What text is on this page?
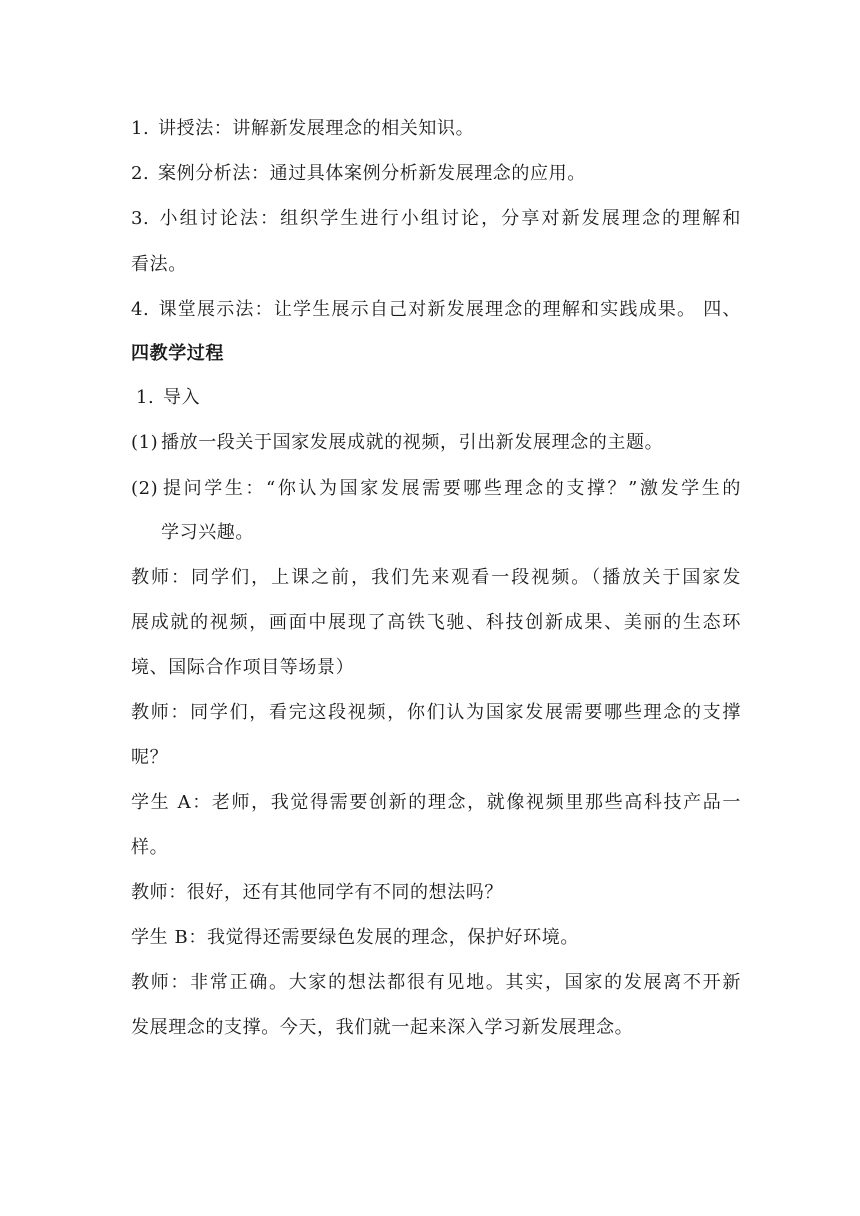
1. 讲授法：讲解新发展理念的相关知识。
2. 案例分析法：通过具体案例分析新发展理念的应用。
3. 小组讨论法：组织学生进行小组讨论，分享对新发展理念的理解和
看法。
4. 课堂展示法：让学生展示自己对新发展理念的理解和实践成果。 四、
四教学过程
1. 导入
(1) 播放一段关于国家发展成就的视频，引出新发展理念的主题。
(2) 提问学生：“你认为国家发展需要哪些理念的支撑？”激发学生的
学习兴趣。
教师：同学们，上课之前，我们先来观看一段视频。（播放关于国家发
展成就的视频，画面中展现了高铁飞驰、科技创新成果、美丽的生态环
境、国际合作项目等场景）
教师：同学们，看完这段视频，你们认为国家发展需要哪些理念的支撑
呢？
学生 A：老师，我觉得需要创新的理念，就像视频里那些高科技产品一
样。
教师：很好，还有其他同学有不同的想法吗？
学生 B：我觉得还需要绿色发展的理念，保护好环境。
教师：非常正确。大家的想法都很有见地。其实，国家的发展离不开新
发展理念的支撑。今天，我们就一起来深入学习新发展理念。
